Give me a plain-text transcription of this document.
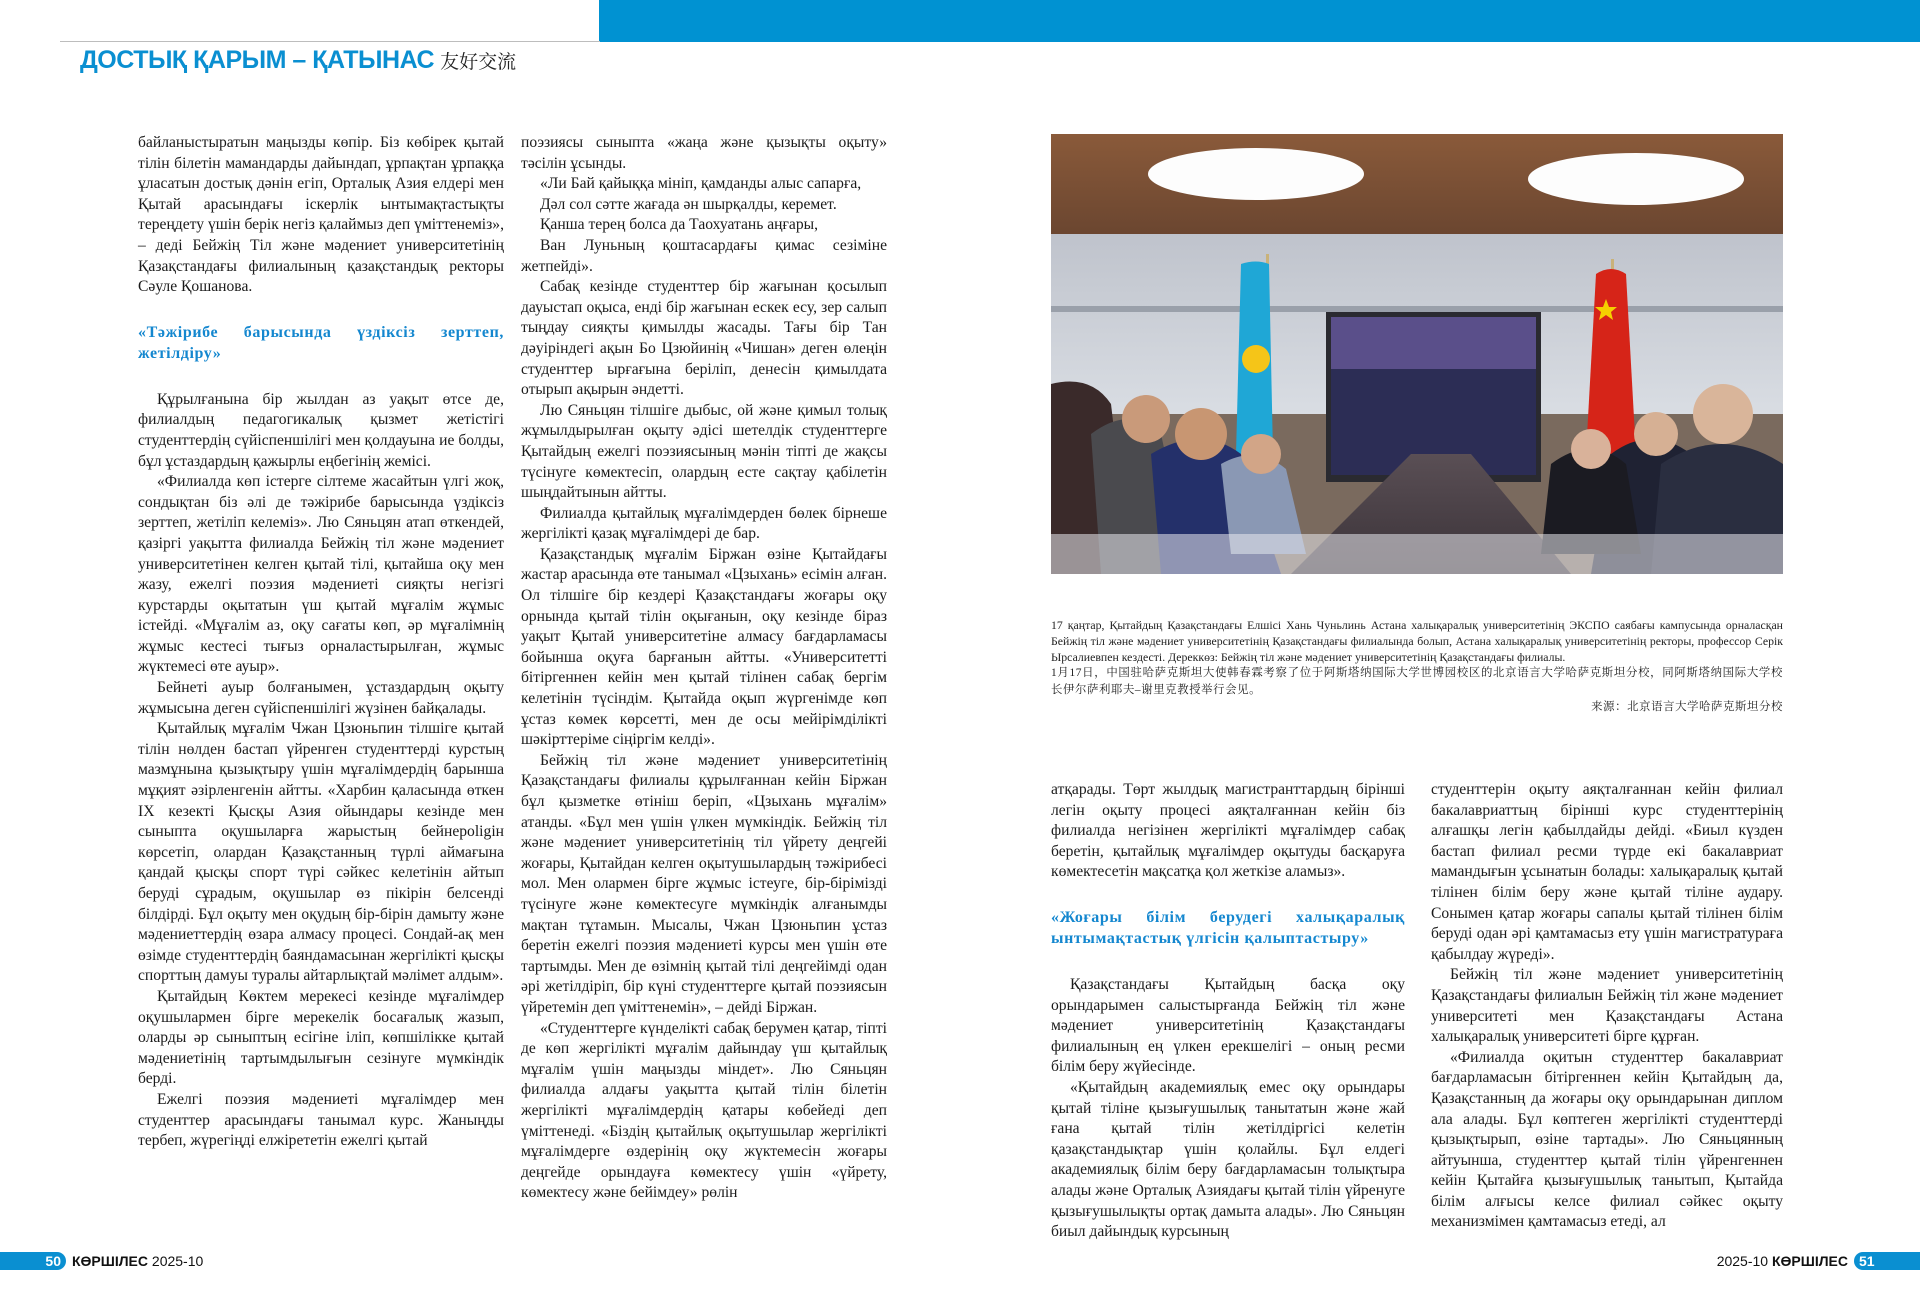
ДОСТЫҚ ҚАРЫМ – ҚАТЫНАС 友好交流

байланыстыратын маңызды көпір. Біз көбірек қытай тілін білетін мамандарды дайындап, ұрпақтан ұрпаққа ұласатын достық дәнін егіп, Орталық Азия елдері мен Қытай арасындағы іскерлік ынтымақтастықты тереңдету үшін берік негіз қалаймыз деп үміттенеміз», – деді Бейжің Тіл және мәдениет университетінің Қазақстандағы филиалының қазақстандық ректоры Сәуле Қошанова.

«Тәжірибе барысында үздіксіз зерттеп, жетілдіру»

Құрылғанына бір жылдан аз уақыт өтсе де, филиалдың педагогикалық қызмет жетістігі студенттердің сүйіспеншілігі мен қолдауына ие болды, бұл ұстаздардың қажырлы еңбегінің жемісі.

«Филиалда көп істерге сілтеме жасайтын үлгі жоқ, сондықтан біз әлі де тәжірибе барысында үздіксіз зерттеп, жетіліп келеміз». Лю Сяньцян атап өткендей, қазіргі уақытта филиалда Бейжің тіл және мәдениет университетінен келген қытай тілі, қытайша оқу мен жазу, ежелгі поэзия мәдениеті сияқты негізгі курстарды оқытатын үш қытай мұғалім жұмыс істейді. «Мұғалім аз, оқу сағаты көп, әр мұғалімнің жұмыс кестесі тығыз орналастырылған, жұмыс жүктемесі өте ауыр».

Бейнеті ауыр болғанымен, ұстаздардың оқыту жұмысына деген сүйіспеншілігі жүзінен байқалады.

Қытайлық мұғалім Чжан Цзюньпин тілшіге қытай тілін нөлден бастап үйренген студенттерді курстың мазмұнына қызықтыру үшін мұғалімдердің барынша мұқият әзірленгенін айтты. «Харбин қаласында өткен IX кезекті Қысқы Азия ойындары кезінде мен сыныпта оқушыларға жарыстың бейнероligін көрсетіп, олардан Қазақстанның түрлі аймағына қандай қысқы спорт түрі сәйкес келетінін айтып беруді сұрадым, оқушылар өз пікірін белсенді білдірді. Бұл оқыту мен оқудың бір-бірін дамыту және мәдениеттердің өзара алмасу процесі. Сондай-ақ мен өзімде студенттердің баяндамасынан жергілікті қысқы спорттың дамуы туралы айтарлықтай мәлімет алдым».

Қытайдың Көктем мерекесі кезінде мұғалімдер оқушылармен бірге мерекелік босағалық жазып, оларды әр сыныптың есігіне іліп, көпшілікке қытай мәдениетінің тартымдылығын сезінуге мүмкіндік берді.

Ежелгі поэзия мәдениеті мұғалімдер мен студенттер арасындағы танымал курс. Жаныңды тербеп, жүрегіңді елжірететін ежелгі қытай

поэзиясы сыныпта «жаңа және қызықты оқыту» тәсілін ұсынды.

«Ли Бай қайыққа мініп, қамданды алыс сапарға,

Дәл сол сәтте жағада ән шырқалды, керемет.

Қанша терең болса да Таохуатань аңғары,

Ван Луньның қоштасардағы қимас сезіміне жетпейді».

Сабақ кезінде студенттер бір жағынан қосылып дауыстап оқыса, енді бір жағынан ескек есу, зер салып тыңдау сияқты қимылды жасады. Тағы бір Тан дәуіріндегі ақын Бо Цзюйинің «Чишан» деген өлеңін студенттер ырғағына беріліп, денесін қимылдата отырып ақырын әндетті.

Лю Сяньцян тілшіге дыбыс, ой және қимыл толық жұмылдырылған оқыту әдісі шетелдік студенттерге Қытайдың ежелгі поэзиясының мәнін тіпті де жақсы түсінуге көмектесіп, олардың есте сақтау қабілетін шыңдайтынын айтты.

Филиалда қытайлық мұғалімдерден бөлек бірнеше жергілікті қазақ мұғалімдері де бар.

Қазақстандық мұғалім Біржан өзіне Қытайдағы жастар арасында өте танымал «Цзыхань» есімін алған. Ол тілшіге бір кездері Қазақстандағы жоғары оқу орнында қытай тілін оқығанын, оқу кезінде біраз уақыт Қытай университетіне алмасу бағдарламасы бойынша оқуға барғанын айтты. «Университетті бітіргеннен кейін мен қытай тілінен сабақ бергім келетінін түсіндім. Қытайда оқып жүргенімде көп ұстаз көмек көрсетті, мен де осы мейірімділікті шәкірттеріме сіңіргім келді».

Бейжің тіл және мәдениет университетінің Қазақстандағы филиалы құрылғаннан кейін Біржан бұл қызметке өтініш беріп, «Цзыхань мұғалім» атанды. «Бұл мен үшін үлкен мүмкіндік. Бейжің тіл және мәдениет университетінің тіл үйрету деңгейі жоғары, Қытайдан келген оқытушылардың тәжірибесі мол. Мен олармен бірге жұмыс істеуге, бір-бірімізді түсінуге және көмектесуге мүмкіндік алғанымды мақтан тұтамын. Мысалы, Чжан Цзюньпин ұстаз беретін ежелгі поэзия мәдениеті курсы мен үшін өте тартымды. Мен де өзімнің қытай тілі деңгейімді одан әрі жетілдіріп, бір күні студенттерге қытай поэзиясын үйретемін деп үміттенемін», – дейді Біржан.

«Студенттерге күнделікті сабақ берумен қатар, тіпті де көп жергілікті мұғалім дайындау үш қытайлық мұғалім үшін маңызды міндет». Лю Сяньцян филиалда алдағы уақытта қытай тілін білетін жергілікті мұғалімдердің қатары көбейеді деп үміттенеді. «Біздің қытайлық оқытушылар жергілікті мұғалімдерге өздерінің оқу жүктемесін жоғары деңгейде орындауға көмектесу үшін «үйрету, көмектесу және бейімдеу» рөлін

17 қаңтар, Қытайдың Қазақстандағы Елшісі Хань Чуньлинь Астана халықаралық университетінің ЭКСПО саябағы кампусында орналасқан Бейжің тіл және мәдениет университетінің Қазақстандағы филиалында болып, Астана халықаралық университетінің ректоры, профессор Серік Ырсалиевпен кездесті. Дереккөз: Бейжің тіл және мәдениет университетінің Қазақстандағы филиалы.
1月17日，中国驻哈萨克斯坦大使韩春霖考察了位于阿斯塔纳国际大学世博园校区的北京语言大学哈萨克斯坦分校，同阿斯塔纳国际大学校长伊尔萨利耶夫–谢里克教授举行会见。
来源：北京语言大学哈萨克斯坦分校

атқарады. Төрт жылдық магистранттардың бірінші легін оқыту процесі аяқталғаннан кейін біз филиалда негізінен жергілікті мұғалімдер сабақ беретін, қытайлық мұғалімдер оқытуды басқаруға көмектесетін мақсатқа қол жеткізе аламыз».

«Жоғары білім берудегі халықаралық ынтымақтастық үлгісін қалыптастыру»

Қазақстандағы Қытайдың басқа оқу орындарымен салыстырғанда Бейжің тіл және мәдениет университетінің Қазақстандағы филиалының ең үлкен ерекшелігі – оның ресми білім беру жүйесінде.

«Қытайдың академиялық емес оқу орындары қытай тіліне қызығушылық танытатын және жай ғана қытай тілін жетілдіргісі келетін қазақстандықтар үшін қолайлы. Бұл елдегі академиялық білім беру бағдарламасын толықтыра алады және Орталық Азиядағы қытай тілін үйренуге қызығушылықты ортақ дамыта алады». Лю Сяньцян биыл дайындық курсының

студенттерін оқыту аяқталғаннан кейін филиал бакалавриаттың бірінші курс студенттерінің алғашқы легін қабылдайды дейді. «Биыл күзден бастап филиал ресми түрде екі бакалавриат мамандығын ұсынатын болады: халықаралық қытай тілінен білім беру және қытай тіліне аудару. Сонымен қатар жоғары сапалы қытай тілінен білім беруді одан әрі қамтамасыз ету үшін магистратураға қабылдау жүреді».

Бейжің тіл және мәдениет университетінің Қазақстандағы филиалын Бейжің тіл және мәдениет университеті мен Қазақстандағы Астана халықаралық университеті бірге құрған.

«Филиалда оқитын студенттер бакалавриат бағдарламасын бітіргеннен кейін Қытайдың да, Қазақстанның да жоғары оқу орындарынан диплом ала алады. Бұл көптеген жергілікті студенттерді қызықтырып, өзіне тартады». Лю Сяньцянның айтуынша, студенттер қытай тілін үйренгеннен кейін Қытайға қызығушылық танытып, Қытайда білім алғысы келсе филиал сәйкес оқыту механизмімен қамтамасыз етеді, ал

50 КӨРШІЛЕС 2025-10	2025-10 КӨРШІЛЕС 51
